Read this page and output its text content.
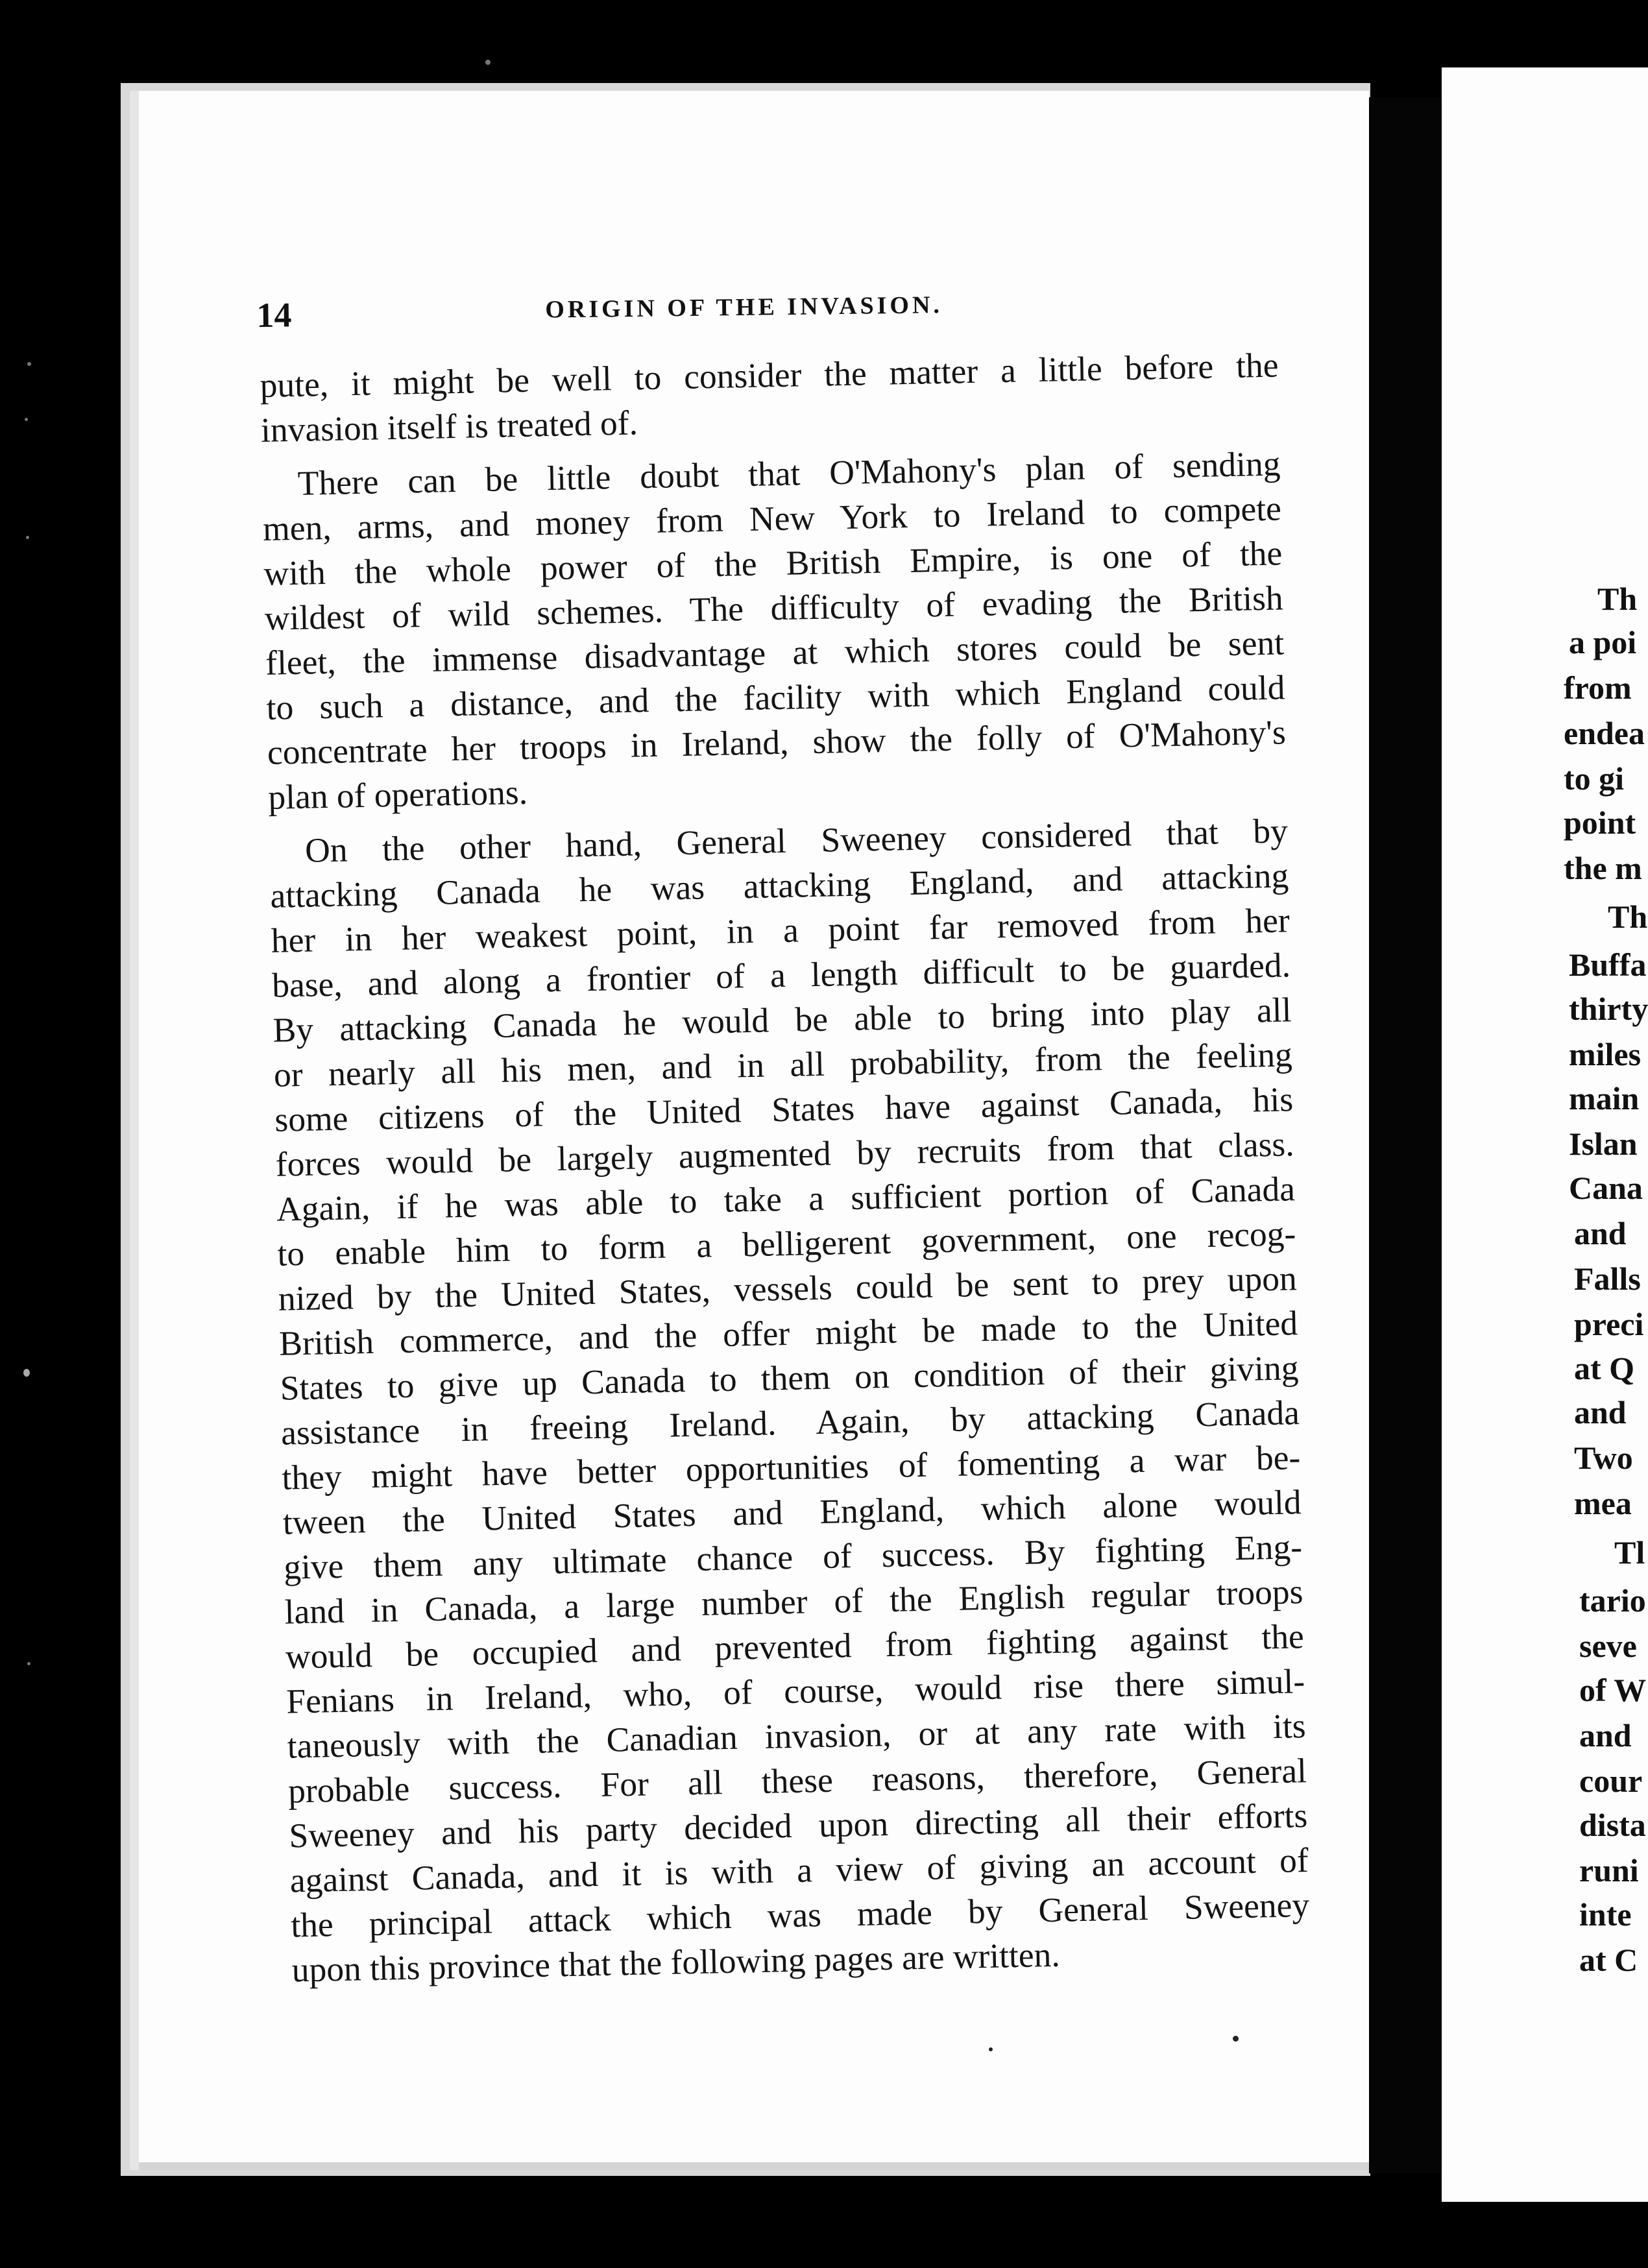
14	ORIGIN OF THE INVASION.
pute, it might be well to consider the matter a little before the
invasion itself is treated of.
There can be little doubt that O'Mahony's plan of sending
men, arms, and money from New York to Ireland to compete
with the whole power of the British Empire, is one of the
wildest of wild schemes. The difficulty of evading the British
fleet, the immense disadvantage at which stores could be sent
to such a distance, and the facility with which England could
concentrate her troops in Ireland, show the folly of O'Mahony's
plan of operations.
On the other hand, General Sweeney considered that by
attacking Canada he was attacking England, and attacking
her in her weakest point, in a point far removed from her
base, and along a frontier of a length difficult to be guarded.
By attacking Canada he would be able to bring into play all
or nearly all his men, and in all probability, from the feeling
some citizens of the United States have against Canada, his
forces would be largely augmented by recruits from that class.
Again, if he was able to take a sufficient portion of Canada
to enable him to form a belligerent government, one recog-
nized by the United States, vessels could be sent to prey upon
British commerce, and the offer might be made to the United
States to give up Canada to them on condition of their giving
assistance in freeing Ireland. Again, by attacking Canada
they might have better opportunities of fomenting a war be-
tween the United States and England, which alone would
give them any ultimate chance of success. By fighting Eng-
land in Canada, a large number of the English regular troops
would be occupied and prevented from fighting against the
Fenians in Ireland, who, of course, would rise there simul-
taneously with the Canadian invasion, or at any rate with its
probable success. For all these reasons, therefore, General
Sweeney and his party decided upon directing all their efforts
against Canada, and it is with a view of giving an account of
the principal attack which was made by General Sweeney
upon this province that the following pages are written.
Th
a poi
from
endea
to gi
point
the m
Th
Buffa
thirty
miles
main
Islan
Cana
and
Falls
preci
at Q
and
Two
mea
Tl
tario
seve
of W
and
cour
dista
runi
inte
at C
